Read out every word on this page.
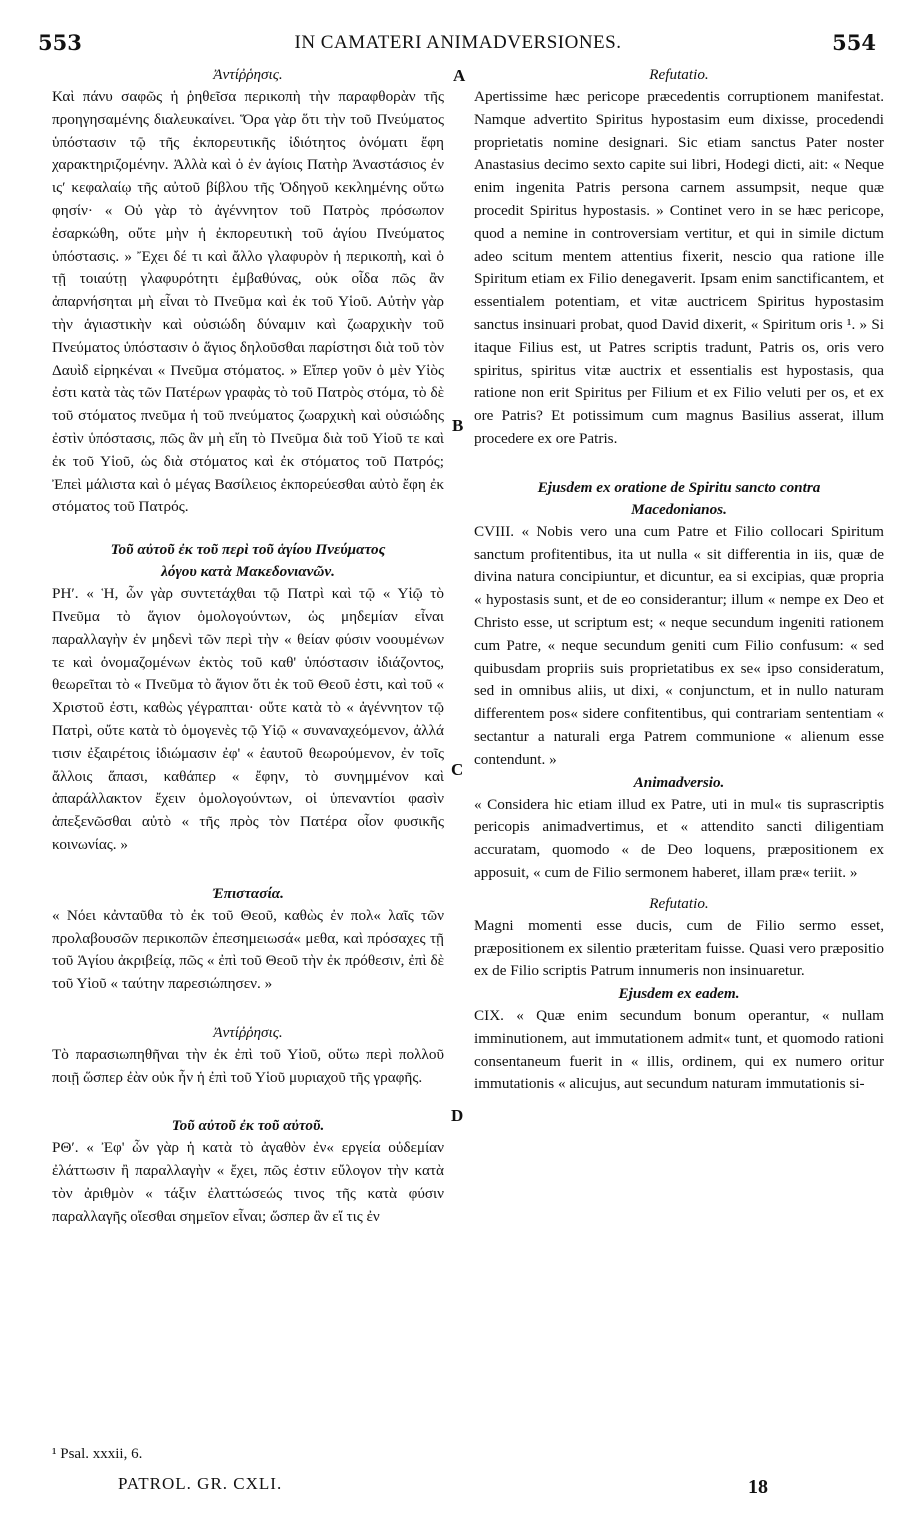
553	IN CAMATERI ANIMADVERSIONES.	554

Ἀντίῤῥησις.

Καὶ πάνυ σαφῶς ἡ ῥηθεῖσα περικοπὴ τὴν παραφθορὰν τῆς προηγησαμένης διαλευκαίνει. Ὅρα γὰρ ὅτι τὴν τοῦ Πνεύματος ὑπόστασιν τῷ τῆς ἐκπορευτικῆς ἰδιότητος ὀνόματι ἔφη χαρακτηριζομένην. Ἀλλὰ καὶ ὁ ἐν ἁγίοις Πατὴρ Ἀναστάσιος ἐν ιςʹ κεφαλαίῳ τῆς αὐτοῦ βίβλου τῆς Ὁδηγοῦ κεκλημένης οὕτω φησίν· « Οὐ γὰρ τὸ ἀγέννητον τοῦ Πατρὸς πρόσωπον ἐσαρκώθη, οὔτε μὴν ἡ ἐκπορευτικὴ τοῦ ἁγίου Πνεύματος ὑπόστασις. » Ἔχει δέ τι καὶ ἄλλο γλαφυρὸν ἡ περικοπὴ, καὶ ὁ τῇ τοιαύτῃ γλαφυρότητι ἐμβαθύνας, οὐκ οἶδα πῶς ἂν ἀπαρνήσηται μὴ εἶναι τὸ Πνεῦμα καὶ ἐκ τοῦ Υἱοῦ. Αὐτὴν γὰρ τὴν ἁγιαστικὴν καὶ οὐσιώδη δύναμιν καὶ ζωαρχικὴν τοῦ Πνεύματος ὑπόστασιν ὁ ἅγιος δηλοῦσθαι παρίστησι διὰ τοῦ τὸν Δαυὶδ εἰρηκέναι « Πνεῦμα στόματος. » Εἴπερ γοῦν ὁ μὲν Υἱὸς ἐστι κατὰ τὰς τῶν Πατέρων γραφὰς τὸ τοῦ Πατρὸς στόμα, τὸ δὲ τοῦ στόματος πνεῦμα ἡ τοῦ πνεύματος ζωαρχικὴ καὶ οὐσιώδης ἐστὶν ὑπόστασις, πῶς ἂν μὴ εἴη τὸ Πνεῦμα διὰ τοῦ Υἱοῦ τε καὶ ἐκ τοῦ Υἱοῦ, ὡς διὰ στόματος καὶ ἐκ στόματος τοῦ Πατρός; Ἐπεὶ μάλιστα καὶ ὁ μέγας Βασίλειος ἐκπορεύεσθαι αὐτὸ ἔφη ἐκ στόματος τοῦ Πατρός.

Τοῦ αὐτοῦ ἐκ τοῦ περὶ τοῦ ἁγίου Πνεύματος

λόγου κατὰ Μακεδονιανῶν.

ΡΗʹ. « Ἡ, ὧν γὰρ συντετάχθαι τῷ Πατρὶ καὶ τῷ « Υἱῷ τὸ Πνεῦμα τὸ ἅγιον ὁμολογούντων, ὡς μηδεμίαν εἶναι παραλλαγὴν ἐν μηδενὶ τῶν περὶ τὴν « θείαν φύσιν νοουμένων τε καὶ ὀνομαζομένων ἐκτὸς τοῦ καθ' ὑπόστασιν ἰδιάζοντος, θεωρεῖται τὸ « Πνεῦμα τὸ ἅγιον ὅτι ἐκ τοῦ Θεοῦ ἐστι, καὶ τοῦ « Χριστοῦ ἐστι, καθὼς γέγραπται· οὔτε κατὰ τὸ « ἀγέννητον τῷ Πατρὶ, οὔτε κατὰ τὸ ὁμογενὲς τῷ Υἱῷ « συναναχεόμενον, ἀλλά τισιν ἐξαιρέτοις ἰδιώμασιν ἐφ' « ἑαυτοῦ θεωρούμενον, ἐν τοῖς ἄλλοις ἅπασι, καθάπερ « ἔφην, τὸ συνημμένον καὶ ἀπαράλλακτον ἔχειν ὁμολογούντων, οἱ ὑπεναντίοι φασὶν ἀπεξενῶσθαι αὐτὸ « τῆς πρὸς τὸν Πατέρα οἷον φυσικῆς κοινωνίας. »

Ἐπιστασία.

« Νόει κἀνταῦθα τὸ ἐκ τοῦ Θεοῦ, καθὼς ἐν πολ« λαῖς τῶν προλαβουσῶν περικοπῶν ἐπεσημειωσά« μεθα, καὶ πρόσαχες τῇ τοῦ Ἁγίου ἀκριβείᾳ, πῶς « ἐπὶ τοῦ Θεοῦ τὴν ἐκ πρόθεσιν, ἐπὶ δὲ τοῦ Υἱοῦ « ταύτην παρεσιώπησεν. »

Ἀντίῤῥησις.

Τὸ παρασιωπηθῆναι τὴν ἐκ ἐπὶ τοῦ Υἱοῦ, οὕτω περὶ πολλοῦ ποιῇ ὥσπερ ἐὰν οὐκ ἦν ἡ ἐπὶ τοῦ Υἱοῦ μυριαχοῦ τῆς γραφῆς.

Τοῦ αὐτοῦ ἐκ τοῦ αὐτοῦ.

ΡΘʹ. « Ἐφ' ὧν γὰρ ἡ κατὰ τὸ ἀγαθὸν ἐν« εργεία οὐδεμίαν ἐλάττωσιν ἢ παραλλαγὴν « ἔχει, πῶς ἐστιν εὔλογον τὴν κατὰ τὸν ἀριθμὸν « τάξιν ἐλαττώσεώς τινος τῆς κατὰ φύσιν παραλλαγῆς οἴεσθαι σημεῖον εἶναι; ὥσπερ ἂν εἴ τις ἐν

Refutatio.

Apertissime hæc pericope præcedentis corruptionem manifestat. Namque advertito Spiritus hypostasim eum dixisse, procedendi proprietatis nomine designari. Sic etiam sanctus Pater noster Anastasius decimo sexto capite sui libri, Hodegi dicti, ait: « Neque enim ingenita Patris persona carnem assumpsit, neque quæ procedit Spiritus hypostasis. » Continet vero in se hæc pericope, quod a nemine in controversiam vertitur, et qui in simile dictum adeo scitum mentem attentius fixerit, nescio qua ratione ille Spiritum etiam ex Filio denegaverit. Ipsam enim sanctificantem, et essentialem potentiam, et vitæ auctricem Spiritus hypostasim sanctus insinuari probat, quod David dixerit, « Spiritum oris ¹. » Si itaque Filius est, ut Patres scriptis tradunt, Patris os, oris vero spiritus, spiritus vitæ auctrix et essentialis est hypostasis, qua ratione non erit Spiritus per Filium et ex Filio veluti per os, et ex ore Patris? Et potissimum cum magnus Basilius asserat, illum procedere ex ore Patris.

Ejusdem ex oratione de Spiritu sancto contra

Macedonianos.

CVIII. « Nobis vero una cum Patre et Filio collocari Spiritum sanctum profitentibus, ita ut nulla « sit differentia in iis, quæ de divina natura concipiuntur, et dicuntur, ea si excipias, quæ propria « hypostasis sunt, et de eo considerantur; illum « nempe ex Deo et Christo esse, ut scriptum est; « neque secundum ingeniti rationem cum Patre, « neque secundum geniti cum Filio confusum: « sed quibusdam propriis suis proprietatibus ex se« ipso consideratum, sed in omnibus aliis, ut dixi, « conjunctum, et in nullo naturam differentem pos« sidere confitentibus, qui contrariam sententiam « sectantur a naturali erga Patrem communione « alienum esse contendunt. »

Animadversio.

« Considera hic etiam illud ex Patre, uti in mul« tis suprascriptis pericopis animadvertimus, et « attendito sancti diligentiam accuratam, quomodo « de Deo loquens, præpositionem ex apposuit, « cum de Filio sermonem haberet, illam præ« teriit. »

Refutatio.

Magni momenti esse ducis, cum de Filio sermo esset, præpositionem ex silentio præteritam fuisse. Quasi vero præpositio ex de Filio scriptis Patrum innumeris non insinuaretur.

Ejusdem ex eadem.

CIX. « Quæ enim secundum bonum operantur, « nullam imminutionem, aut immutationem admit« tunt, et quomodo rationi consentaneum fuerit in « illis, ordinem, qui ex numero oritur immutationis « alicujus, aut secundum naturam immutationis si-

A
B
C
D
¹ Psal. xxxii, 6.
PATROL. GR. CXLI.	18
